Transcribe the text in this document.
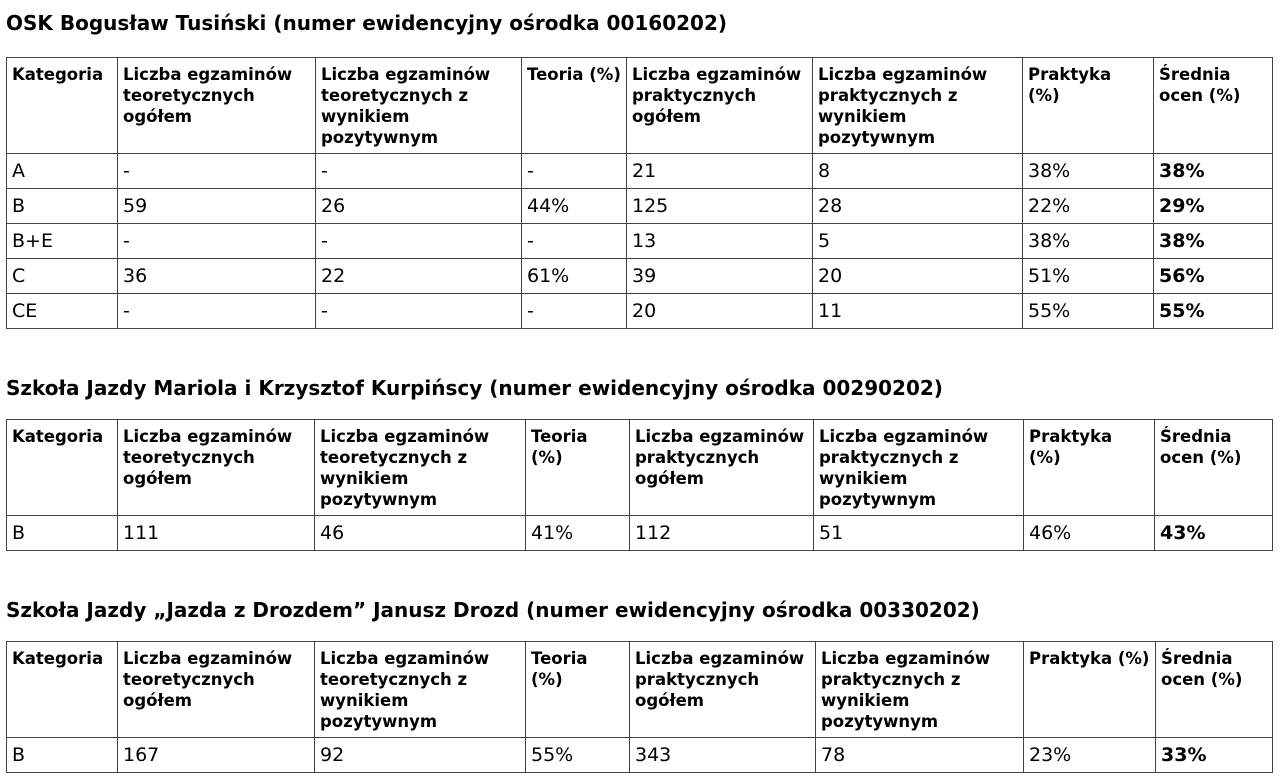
OSK Bogusław Tusiński (numer ewidencyjny ośrodka 00160202)
Kategoria	Liczba egzaminów teoretycznych ogółem	Liczba egzaminów teoretycznych z wynikiem pozytywnym	Teoria (%)	Liczba egzaminów praktycznych ogółem	Liczba egzaminów praktycznych z wynikiem pozytywnym	Praktyka (%)	Średnia ocen (%)
A	-	-	-	21	8	38%	38%
B	59	26	44%	125	28	22%	29%
B+E	-	-	-	13	5	38%	38%
C	36	22	61%	39	20	51%	56%
CE	-	-	-	20	11	55%	55%
Szkoła Jazdy Mariola i Krzysztof Kurpińscy (numer ewidencyjny ośrodka 00290202)
Kategoria	Liczba egzaminów teoretycznych ogółem	Liczba egzaminów teoretycznych z wynikiem pozytywnym	Teoria (%)	Liczba egzaminów praktycznych ogółem	Liczba egzaminów praktycznych z wynikiem pozytywnym	Praktyka (%)	Średnia ocen (%)
B	111	46	41%	112	51	46%	43%
Szkoła Jazdy „Jazda z Drozdem” Janusz Drozd (numer ewidencyjny ośrodka 00330202)
Kategoria	Liczba egzaminów teoretycznych ogółem	Liczba egzaminów teoretycznych z wynikiem pozytywnym	Teoria (%)	Liczba egzaminów praktycznych ogółem	Liczba egzaminów praktycznych z wynikiem pozytywnym	Praktyka (%)	Średnia ocen (%)
B	167	92	55%	343	78	23%	33%
